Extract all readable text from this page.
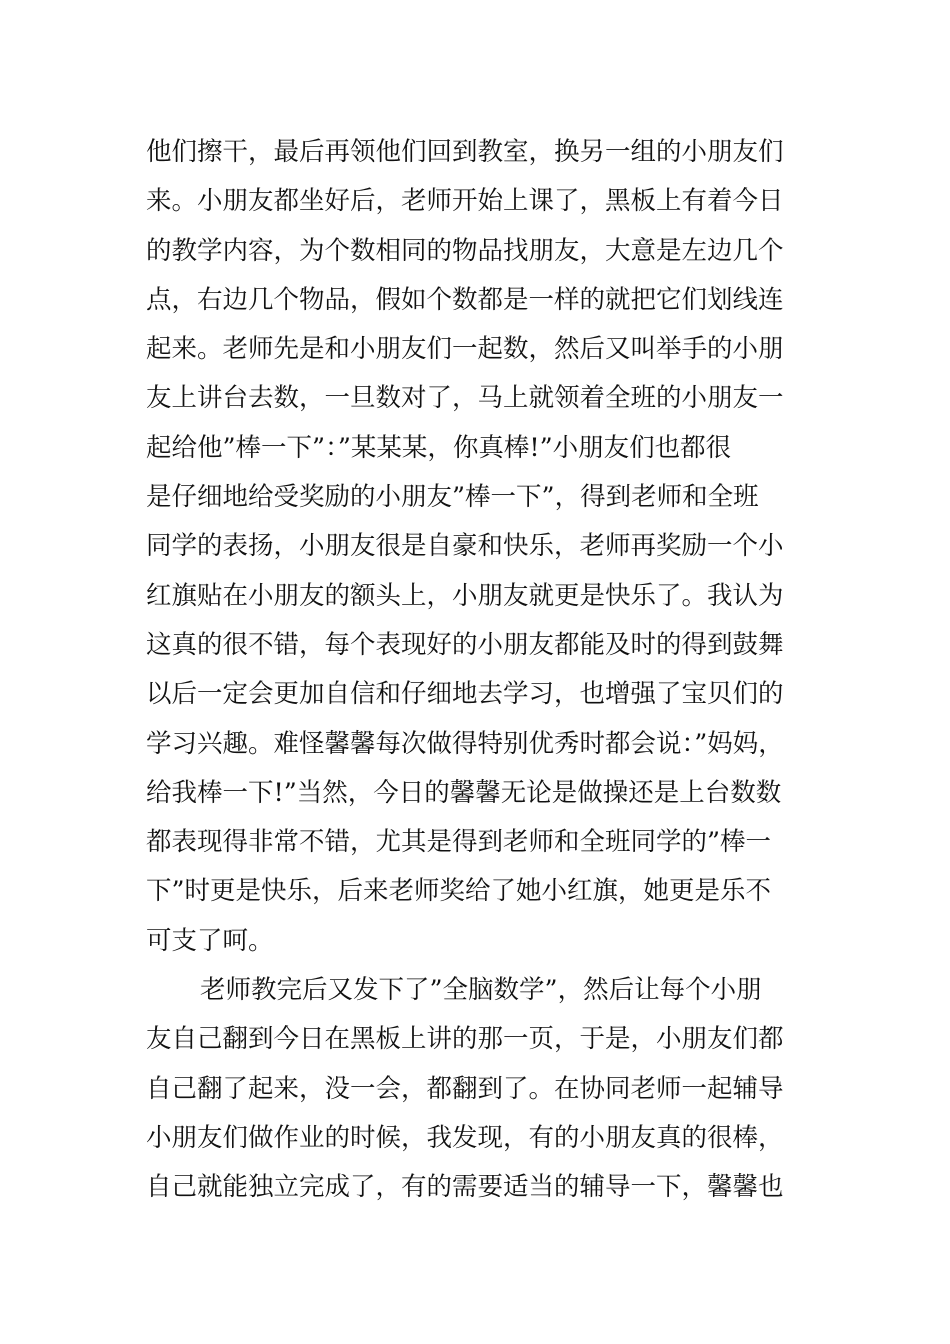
他们擦干，最后再领他们回到教室，换另一组的小朋友们
来。小朋友都坐好后，老师开始上课了，黑板上有着今日
的教学内容，为个数相同的物品找朋友，大意是左边几个
点，右边几个物品，假如个数都是一样的就把它们划线连
起来。老师先是和小朋友们一起数，然后又叫举手的小朋
友上讲台去数，一旦数对了，马上就领着全班的小朋友一
起给他”棒一下”：”某某某，你真棒!”小朋友们也都很
是仔细地给受奖励的小朋友”棒一下”，得到老师和全班
同学的表扬，小朋友很是自豪和快乐，老师再奖励一个小
红旗贴在小朋友的额头上，小朋友就更是快乐了。我认为
这真的很不错，每个表现好的小朋友都能及时的得到鼓舞
以后一定会更加自信和仔细地去学习，也增强了宝贝们的
学习兴趣。难怪馨馨每次做得特别优秀时都会说：”妈妈，
给我棒一下!”当然，今日的馨馨无论是做操还是上台数数
都表现得非常不错，尤其是得到老师和全班同学的”棒一
下”时更是快乐，后来老师奖给了她小红旗，她更是乐不
可支了呵。
老师教完后又发下了”全脑数学”，然后让每个小朋
友自己翻到今日在黑板上讲的那一页，于是，小朋友们都
自己翻了起来，没一会，都翻到了。在协同老师一起辅导
小朋友们做作业的时候，我发现，有的小朋友真的很棒，
自己就能独立完成了，有的需要适当的辅导一下，馨馨也
